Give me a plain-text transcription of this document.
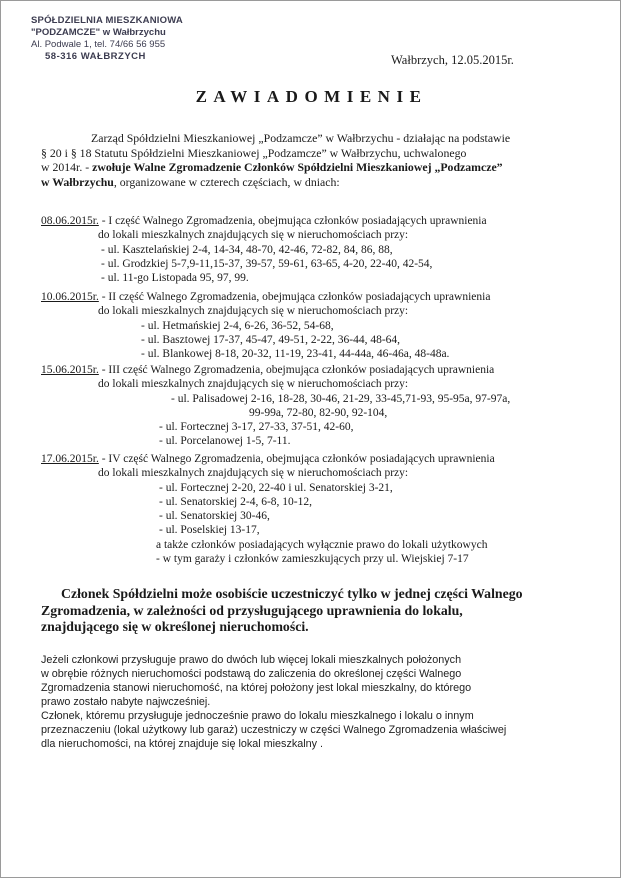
SPÓŁDZIELNIA MIESZKANIOWA
"PODZAMCZE" w Wałbrzychu
Al. Podwale 1, tel. 74/66 56 955
58-316 WAŁBRZYCH	Wałbrzych, 12.05.2015r.
ZAWIADOMIENIE
Zarząd Spółdzielni Mieszkaniowej „Podzamcze” w Wałbrzychu - działając na podstawie
§ 20 i § 18 Statutu Spółdzielni Mieszkaniowej „Podzamcze” w Wałbrzychu, uchwalonego
w 2014r. - zwołuje Walne Zgromadzenie Członków Spółdzielni Mieszkaniowej „Podzamcze”
w Wałbrzychu, organizowane w czterech częściach, w dniach:
08.06.2015r. - I część Walnego Zgromadzenia, obejmująca członków posiadających uprawnienia
do lokali mieszkalnych znajdujących się w nieruchomościach przy:
- ul. Kasztelańskiej 2-4, 14-34, 48-70, 42-46, 72-82, 84, 86, 88,
- ul. Grodzkiej 5-7,9-11,15-37, 39-57, 59-61, 63-65, 4-20, 22-40, 42-54,
- ul. 11-go Listopada 95, 97, 99.
10.06.2015r. - II część Walnego Zgromadzenia, obejmująca członków posiadających uprawnienia
do lokali mieszkalnych znajdujących się w nieruchomościach przy:
- ul. Hetmańskiej 2-4, 6-26, 36-52, 54-68,
- ul. Basztowej 17-37, 45-47, 49-51, 2-22, 36-44, 48-64,
- ul. Blankowej 8-18, 20-32, 11-19, 23-41, 44-44a, 46-46a, 48-48a.
15.06.2015r. - III część Walnego Zgromadzenia, obejmująca członków posiadających uprawnienia
do lokali mieszkalnych znajdujących się w nieruchomościach przy:
- ul. Palisadowej 2-16, 18-28, 30-46, 21-29, 33-45,71-93, 95-95a, 97-97a,
99-99a, 72-80, 82-90, 92-104,
- ul. Fortecznej 3-17, 27-33, 37-51, 42-60,
- ul. Porcelanowej 1-5, 7-11.
17.06.2015r. - IV część Walnego Zgromadzenia, obejmująca członków posiadających uprawnienia
do lokali mieszkalnych znajdujących się w nieruchomościach przy:
- ul. Fortecznej 2-20, 22-40 i ul. Senatorskiej 3-21,
- ul. Senatorskiej 2-4, 6-8, 10-12,
- ul. Senatorskiej 30-46,
- ul. Poselskiej 13-17,
a także członków posiadających wyłącznie prawo do lokali użytkowych
- w tym garaży i członków zamieszkujących przy ul. Wiejskiej 7-17
Członek Spółdzielni może osobiście uczestniczyć tylko w jednej części Walnego
Zgromadzenia, w zależności od przysługującego uprawnienia do lokalu,
znajdującego się w określonej nieruchomości.
Jeżeli członkowi przysługuje prawo do dwóch lub więcej lokali mieszkalnych położonych
w obrębie różnych nieruchomości podstawą do zaliczenia do określonej części Walnego
Zgromadzenia stanowi nieruchomość, na której położony jest lokal mieszkalny, do którego
prawo zostało nabyte najwcześniej.
Członek, któremu przysługuje jednocześnie prawo do lokalu mieszkalnego i lokalu o innym
przeznaczeniu (lokal użytkowy lub garaż) uczestniczy w części Walnego Zgromadzenia właściwej
dla nieruchomości, na której znajduje się lokal mieszkalny .
